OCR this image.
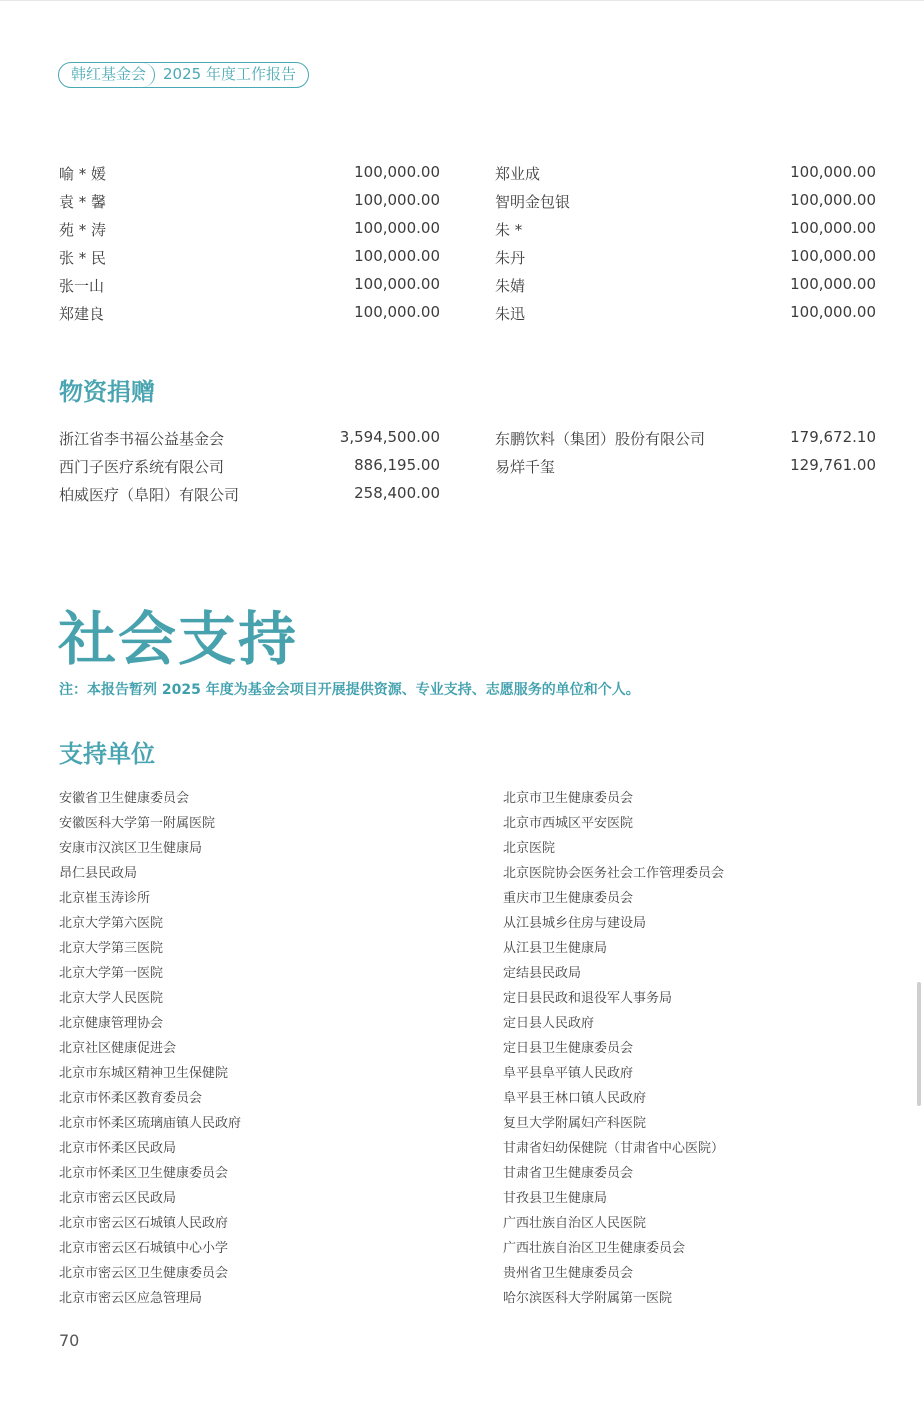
韩红基金会	2025 年度工作报告
喻 * 媛	100,000.00
袁 * 馨	100,000.00
苑 * 涛	100,000.00
张 * 民	100,000.00
张一山	100,000.00
郑建良	100,000.00
郑业成	100,000.00
智明金包银	100,000.00
朱 *	100,000.00
朱丹	100,000.00
朱婧	100,000.00
朱迅	100,000.00
物资捐赠
浙江省李书福公益基金会	3,594,500.00
西门子医疗系统有限公司	886,195.00
柏威医疗（阜阳）有限公司	258,400.00
东鹏饮料（集团）股份有限公司	179,672.10
易烊千玺	129,761.00
社会支持
注：本报告暂列 2025 年度为基金会项目开展提供资源、专业支持、志愿服务的单位和个人。
支持单位
安徽省卫生健康委员会
安徽医科大学第一附属医院
安康市汉滨区卫生健康局
昂仁县民政局
北京崔玉涛诊所
北京大学第六医院
北京大学第三医院
北京大学第一医院
北京大学人民医院
北京健康管理协会
北京社区健康促进会
北京市东城区精神卫生保健院
北京市怀柔区教育委员会
北京市怀柔区琉璃庙镇人民政府
北京市怀柔区民政局
北京市怀柔区卫生健康委员会
北京市密云区民政局
北京市密云区石城镇人民政府
北京市密云区石城镇中心小学
北京市密云区卫生健康委员会
北京市密云区应急管理局
北京市卫生健康委员会
北京市西城区平安医院
北京医院
北京医院协会医务社会工作管理委员会
重庆市卫生健康委员会
从江县城乡住房与建设局
从江县卫生健康局
定结县民政局
定日县民政和退役军人事务局
定日县人民政府
定日县卫生健康委员会
阜平县阜平镇人民政府
阜平县王林口镇人民政府
复旦大学附属妇产科医院
甘肃省妇幼保健院（甘肃省中心医院）
甘肃省卫生健康委员会
甘孜县卫生健康局
广西壮族自治区人民医院
广西壮族自治区卫生健康委员会
贵州省卫生健康委员会
哈尔滨医科大学附属第一医院
70
